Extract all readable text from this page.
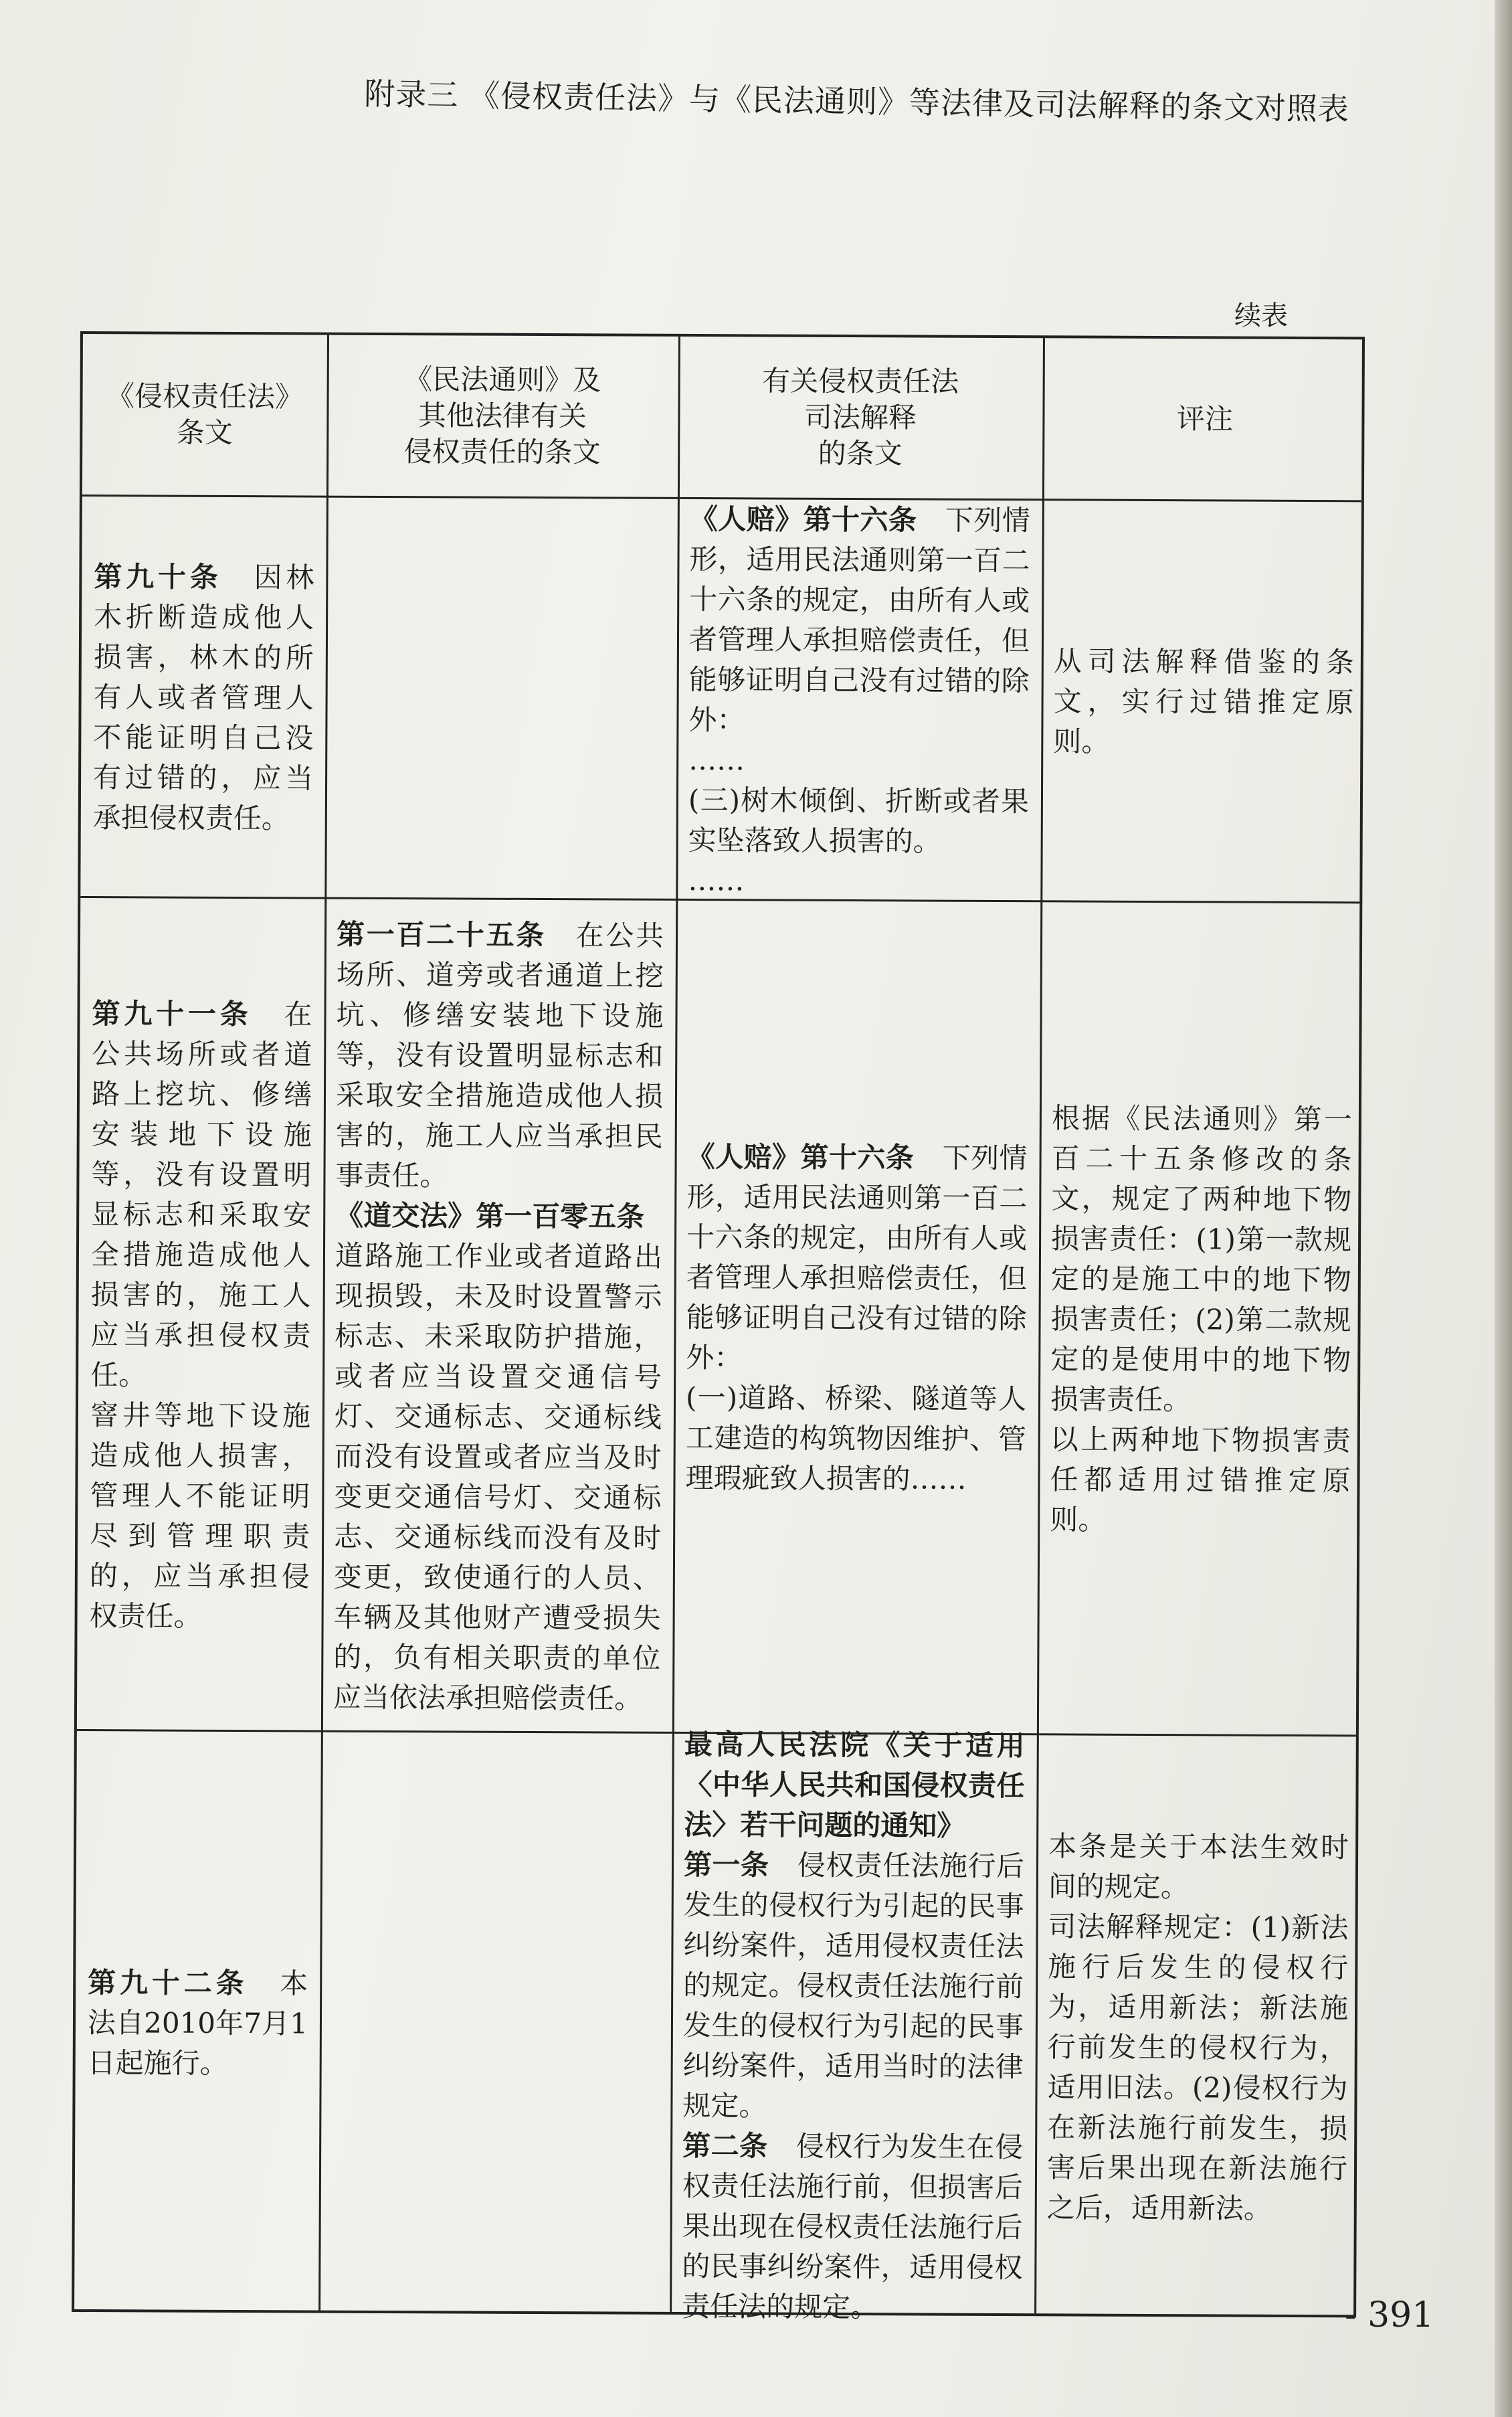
附录三 《侵权责任法》与《民法通则》等法律及司法解释的条文对照表
续表
《侵权责任法》
条文
《民法通则》及
其他法律有关
侵权责任的条文
有关侵权责任法
司法解释
的条文
评注
第九十条　因林木折断造成他人损害，林木的所有人或者管理人不能证明自己没有过错的，应当承担侵权责任。
《人赔》第十六条　下列情形，适用民法通则第一百二十六条的规定，由所有人或者管理人承担赔偿责任，但能够证明自己没有过错的除外：
……
(三)树木倾倒、折断或者果实坠落致人损害的。
……
从司法解释借鉴的条文，实行过错推定原则。
第九十一条　在公共场所或者道路上挖坑、修缮安装地下设施等，没有设置明显标志和采取安全措施造成他人损害的，施工人应当承担侵权责任。
窨井等地下设施造成他人损害，管理人不能证明尽到管理职责的，应当承担侵权责任。
第一百二十五条　在公共场所、道旁或者通道上挖坑、修缮安装地下设施等，没有设置明显标志和采取安全措施造成他人损害的，施工人应当承担民事责任。
《道交法》第一百零五条　道路施工作业或者道路出现损毁，未及时设置警示标志、未采取防护措施，或者应当设置交通信号灯、交通标志、交通标线而没有设置或者应当及时变更交通信号灯、交通标志、交通标线而没有及时变更，致使通行的人员、车辆及其他财产遭受损失的，负有相关职责的单位应当依法承担赔偿责任。
《人赔》第十六条　下列情形，适用民法通则第一百二十六条的规定，由所有人或者管理人承担赔偿责任，但能够证明自己没有过错的除外：
(一)道路、桥梁、隧道等人工建造的构筑物因维护、管理瑕疵致人损害的……
根据《民法通则》第一百二十五条修改的条文，规定了两种地下物损害责任：(1)第一款规定的是施工中的地下物损害责任；(2)第二款规定的是使用中的地下物损害责任。
以上两种地下物损害责任都适用过错推定原则。
第九十二条　本法自2010年7月1日起施行。
最高人民法院《关于适用〈中华人民共和国侵权责任法〉若干问题的通知》
第一条　侵权责任法施行后发生的侵权行为引起的民事纠纷案件，适用侵权责任法的规定。侵权责任法施行前发生的侵权行为引起的民事纠纷案件，适用当时的法律规定。
第二条　侵权行为发生在侵权责任法施行前，但损害后果出现在侵权责任法施行后的民事纠纷案件，适用侵权责任法的规定。
本条是关于本法生效时间的规定。
司法解释规定：(1)新法施行后发生的侵权行为，适用新法；新法施行前发生的侵权行为，适用旧法。(2)侵权行为在新法施行前发生，损害后果出现在新法施行之后，适用新法。
- 391
